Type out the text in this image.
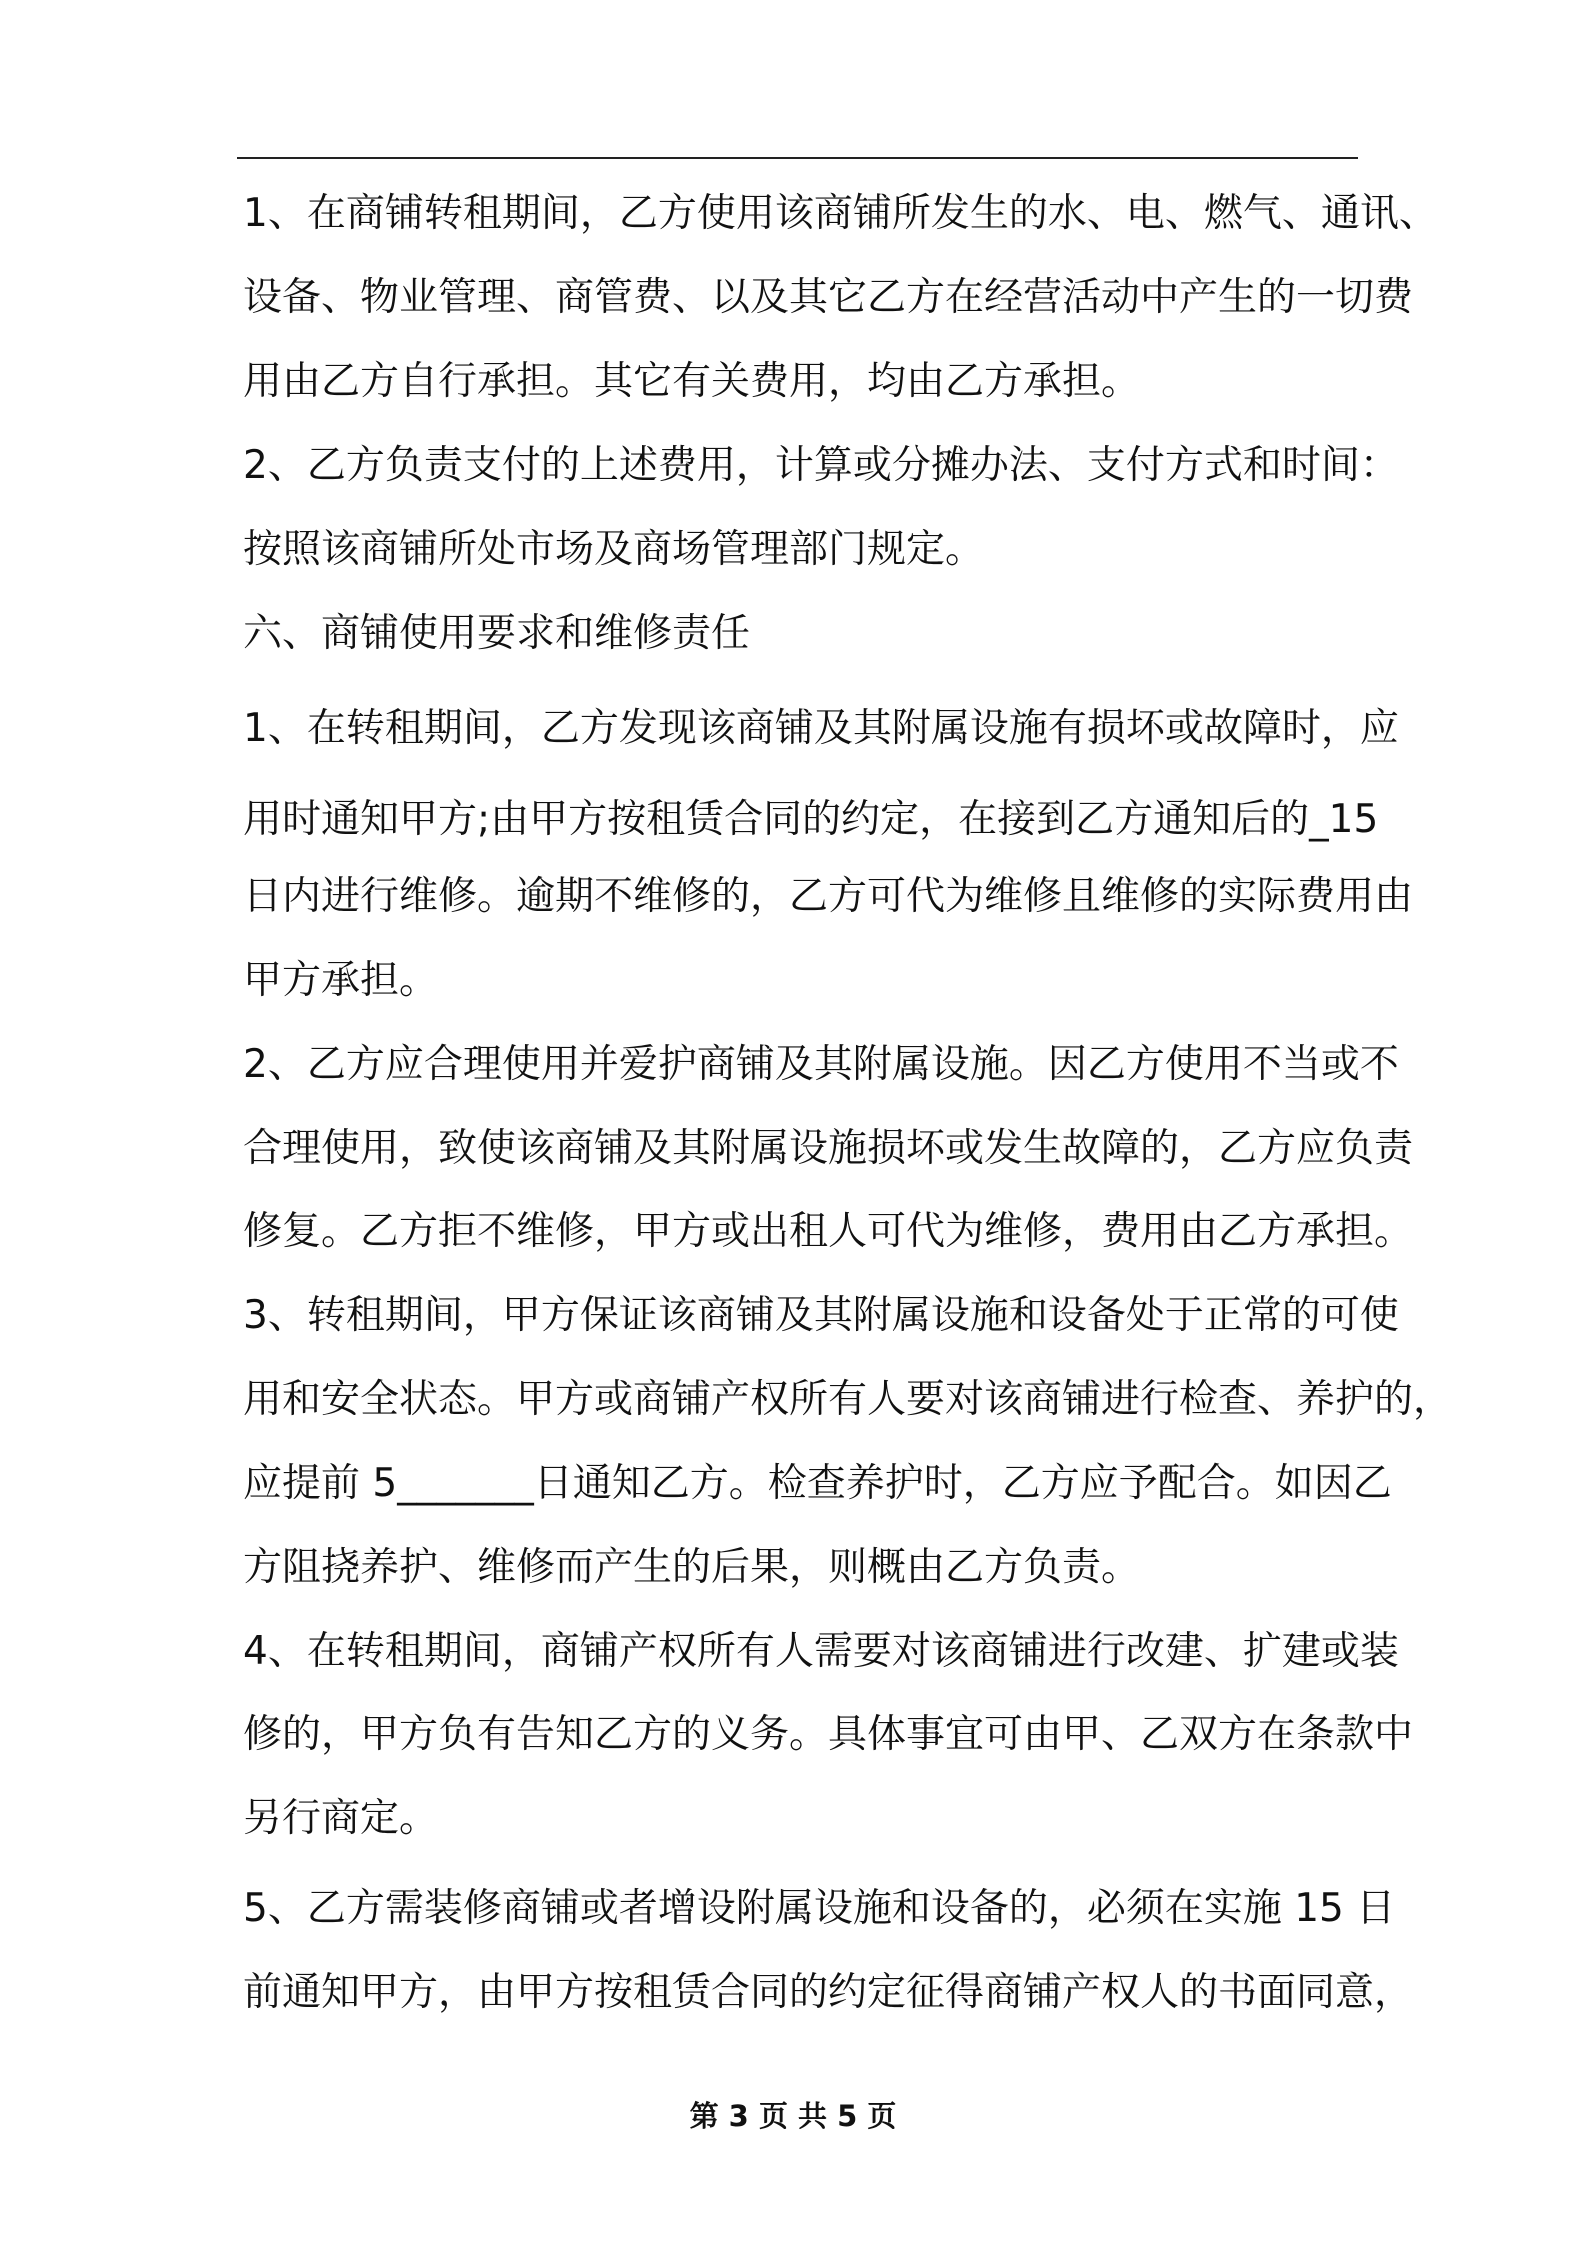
1、在商铺转租期间，乙方使用该商铺所发生的水、电、燃气、通讯、
设备、物业管理、商管费、以及其它乙方在经营活动中产生的一切费
用由乙方自行承担。其它有关费用，均由乙方承担。
2、乙方负责支付的上述费用，计算或分摊办法、支付方式和时间：
按照该商铺所处市场及商场管理部门规定。
六、商铺使用要求和维修责任
1、在转租期间，乙方发现该商铺及其附属设施有损坏或故障时，应
用时通知甲方;由甲方按租赁合同的约定，在接到乙方通知后的_15
日内进行维修。逾期不维修的，乙方可代为维修且维修的实际费用由
甲方承担。
2、乙方应合理使用并爱护商铺及其附属设施。因乙方使用不当或不
合理使用，致使该商铺及其附属设施损坏或发生故障的，乙方应负责
修复。乙方拒不维修，甲方或出租人可代为维修，费用由乙方承担。
3、转租期间，甲方保证该商铺及其附属设施和设备处于正常的可使
用和安全状态。甲方或商铺产权所有人要对该商铺进行检查、养护的，
应提前 5_______日通知乙方。检查养护时，乙方应予配合。如因乙
方阻挠养护、维修而产生的后果，则概由乙方负责。
4、在转租期间，商铺产权所有人需要对该商铺进行改建、扩建或装
修的，甲方负有告知乙方的义务。具体事宜可由甲、乙双方在条款中
另行商定。
5、乙方需装修商铺或者增设附属设施和设备的，必须在实施 15 日
前通知甲方，由甲方按租赁合同的约定征得商铺产权人的书面同意，
第 3 页 共 5 页
